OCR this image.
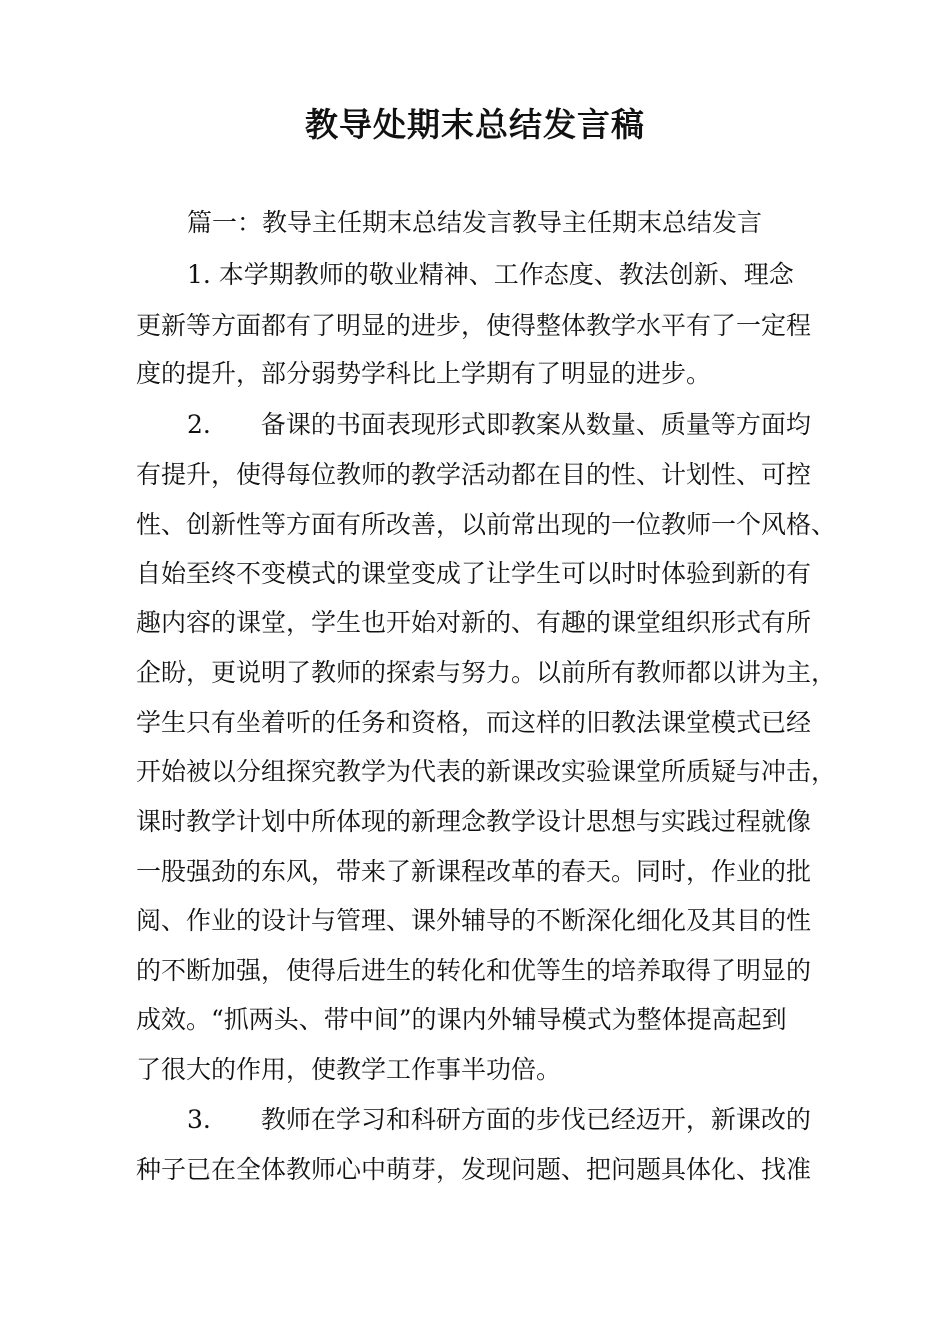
教导处期末总结发言稿
篇一：教导主任期末总结发言教导主任期末总结发言
1. 本学期教师的敬业精神、工作态度、教法创新、理念
更新等方面都有了明显的进步，使得整体教学水平有了一定程
度的提升，部分弱势学科比上学期有了明显的进步。
2.　　备课的书面表现形式即教案从数量、质量等方面均
有提升，使得每位教师的教学活动都在目的性、计划性、可控
性、创新性等方面有所改善，以前常出现的一位教师一个风格、
自始至终不变模式的课堂变成了让学生可以时时体验到新的有
趣内容的课堂，学生也开始对新的、有趣的课堂组织形式有所
企盼，更说明了教师的探索与努力。以前所有教师都以讲为主，
学生只有坐着听的任务和资格，而这样的旧教法课堂模式已经
开始被以分组探究教学为代表的新课改实验课堂所质疑与冲击，
课时教学计划中所体现的新理念教学设计思想与实践过程就像
一股强劲的东风，带来了新课程改革的春天。同时，作业的批
阅、作业的设计与管理、课外辅导的不断深化细化及其目的性
的不断加强，使得后进生的转化和优等生的培养取得了明显的
成效。“抓两头、带中间”的课内外辅导模式为整体提高起到
了很大的作用，使教学工作事半功倍。
3.　　教师在学习和科研方面的步伐已经迈开，新课改的
种子已在全体教师心中萌芽，发现问题、把问题具体化、找准
